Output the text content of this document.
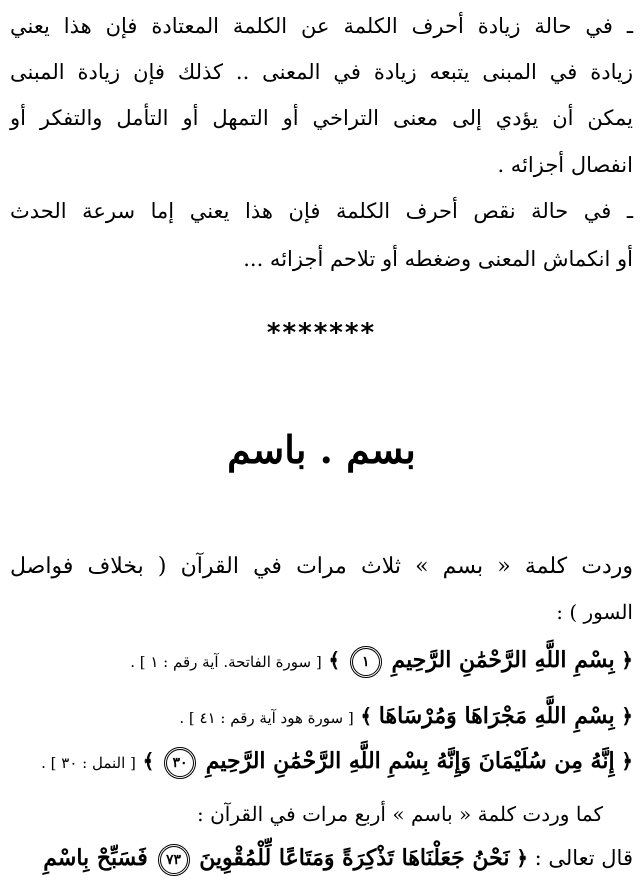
ـ في حالة زيادة أحرف الكلمة عن الكلمة المعتادة فإن هذا يعني
زيادة في المبنى يتبعه زيادة في المعنى .. كذلك فإن زيادة المبنى
يمكن أن يؤدي إلى معنى التراخي أو التمهل أو التأمل والتفكر أو
انفصال أجزائه .
ـ في حالة نقص أحرف الكلمة فإن هذا يعني إما سرعة الحدث
أو انكماش المعنى وضغطه أو تلاحم أجزائه ...
*******
بسم . باسم
وردت كلمة « بسم » ثلاث مرات في القرآن ( بخلاف فواصل
السور ) :
﴿ بِسْمِ اللَّهِ الرَّحْمَٰنِ الرَّحِيمِ ١ ﴾ [ سورة الفاتحة. آية رقم : ١ ] .
﴿ بِسْمِ اللَّهِ مَجْرَاهَا وَمُرْسَاهَا ﴾ [ سورة هود آية رقم : ٤١ ] .
﴿ إِنَّهُ مِن سُلَيْمَانَ وَإِنَّهُ بِسْمِ اللَّهِ الرَّحْمَٰنِ الرَّحِيمِ ٣٠ ﴾ [ النمل : ٣٠ ] .
كما وردت كلمة « باسم » أربع مرات في القرآن :
قال تعالى : ﴿ نَحْنُ جَعَلْنَاهَا تَذْكِرَةً وَمَتَاعًا لِّلْمُقْوِينَ ٧٣ فَسَبِّحْ بِاسْمِ
